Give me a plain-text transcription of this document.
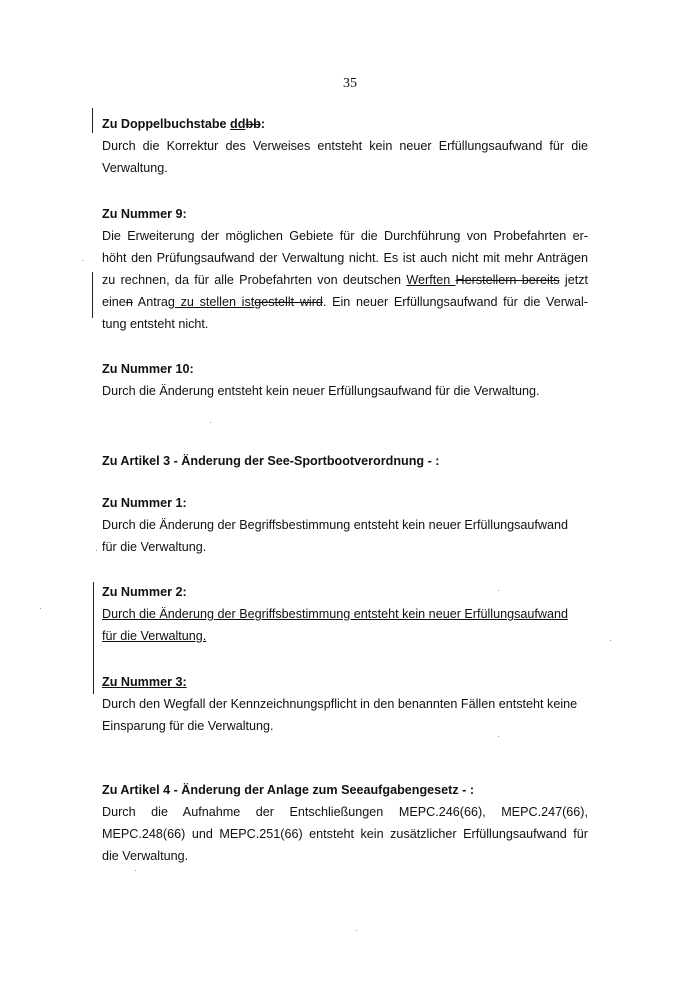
35
Zu Doppelbuchstabe ddbb:
Durch die Korrektur des Verweises entsteht kein neuer Erfüllungsaufwand für die
Verwaltung.
Zu Nummer 9:
Die Erweiterung der möglichen Gebiete für die Durchführung von Probefahrten er-
höht den Prüfungsaufwand der Verwaltung nicht. Es ist auch nicht mit mehr Anträgen
zu rechnen, da für alle Probefahrten von deutschen Werften Herstellern bereits jetzt
einen Antrag zu stellen istgestellt wird. Ein neuer Erfüllungsaufwand für die Verwal-
tung entsteht nicht.
Zu Nummer 10:
Durch die Änderung entsteht kein neuer Erfüllungsaufwand für die Verwaltung.
Zu Artikel 3 - Änderung der See-Sportbootverordnung - :
Zu Nummer 1:
Durch die Änderung der Begriffsbestimmung entsteht kein neuer Erfüllungsaufwand
für die Verwaltung.
Zu Nummer 2:
Durch die Änderung der Begriffsbestimmung entsteht kein neuer Erfüllungsaufwand
für die Verwaltung.
Zu Nummer 3:
Durch den Wegfall der Kennzeichnungspflicht in den benannten Fällen entsteht keine
Einsparung für die Verwaltung.
Zu Artikel 4 - Änderung der Anlage zum Seeaufgabengesetz - :
Durch die Aufnahme der Entschließungen MEPC.246(66), MEPC.247(66),
MEPC.248(66) und MEPC.251(66) entsteht kein zusätzlicher Erfüllungsaufwand für
die Verwaltung.
